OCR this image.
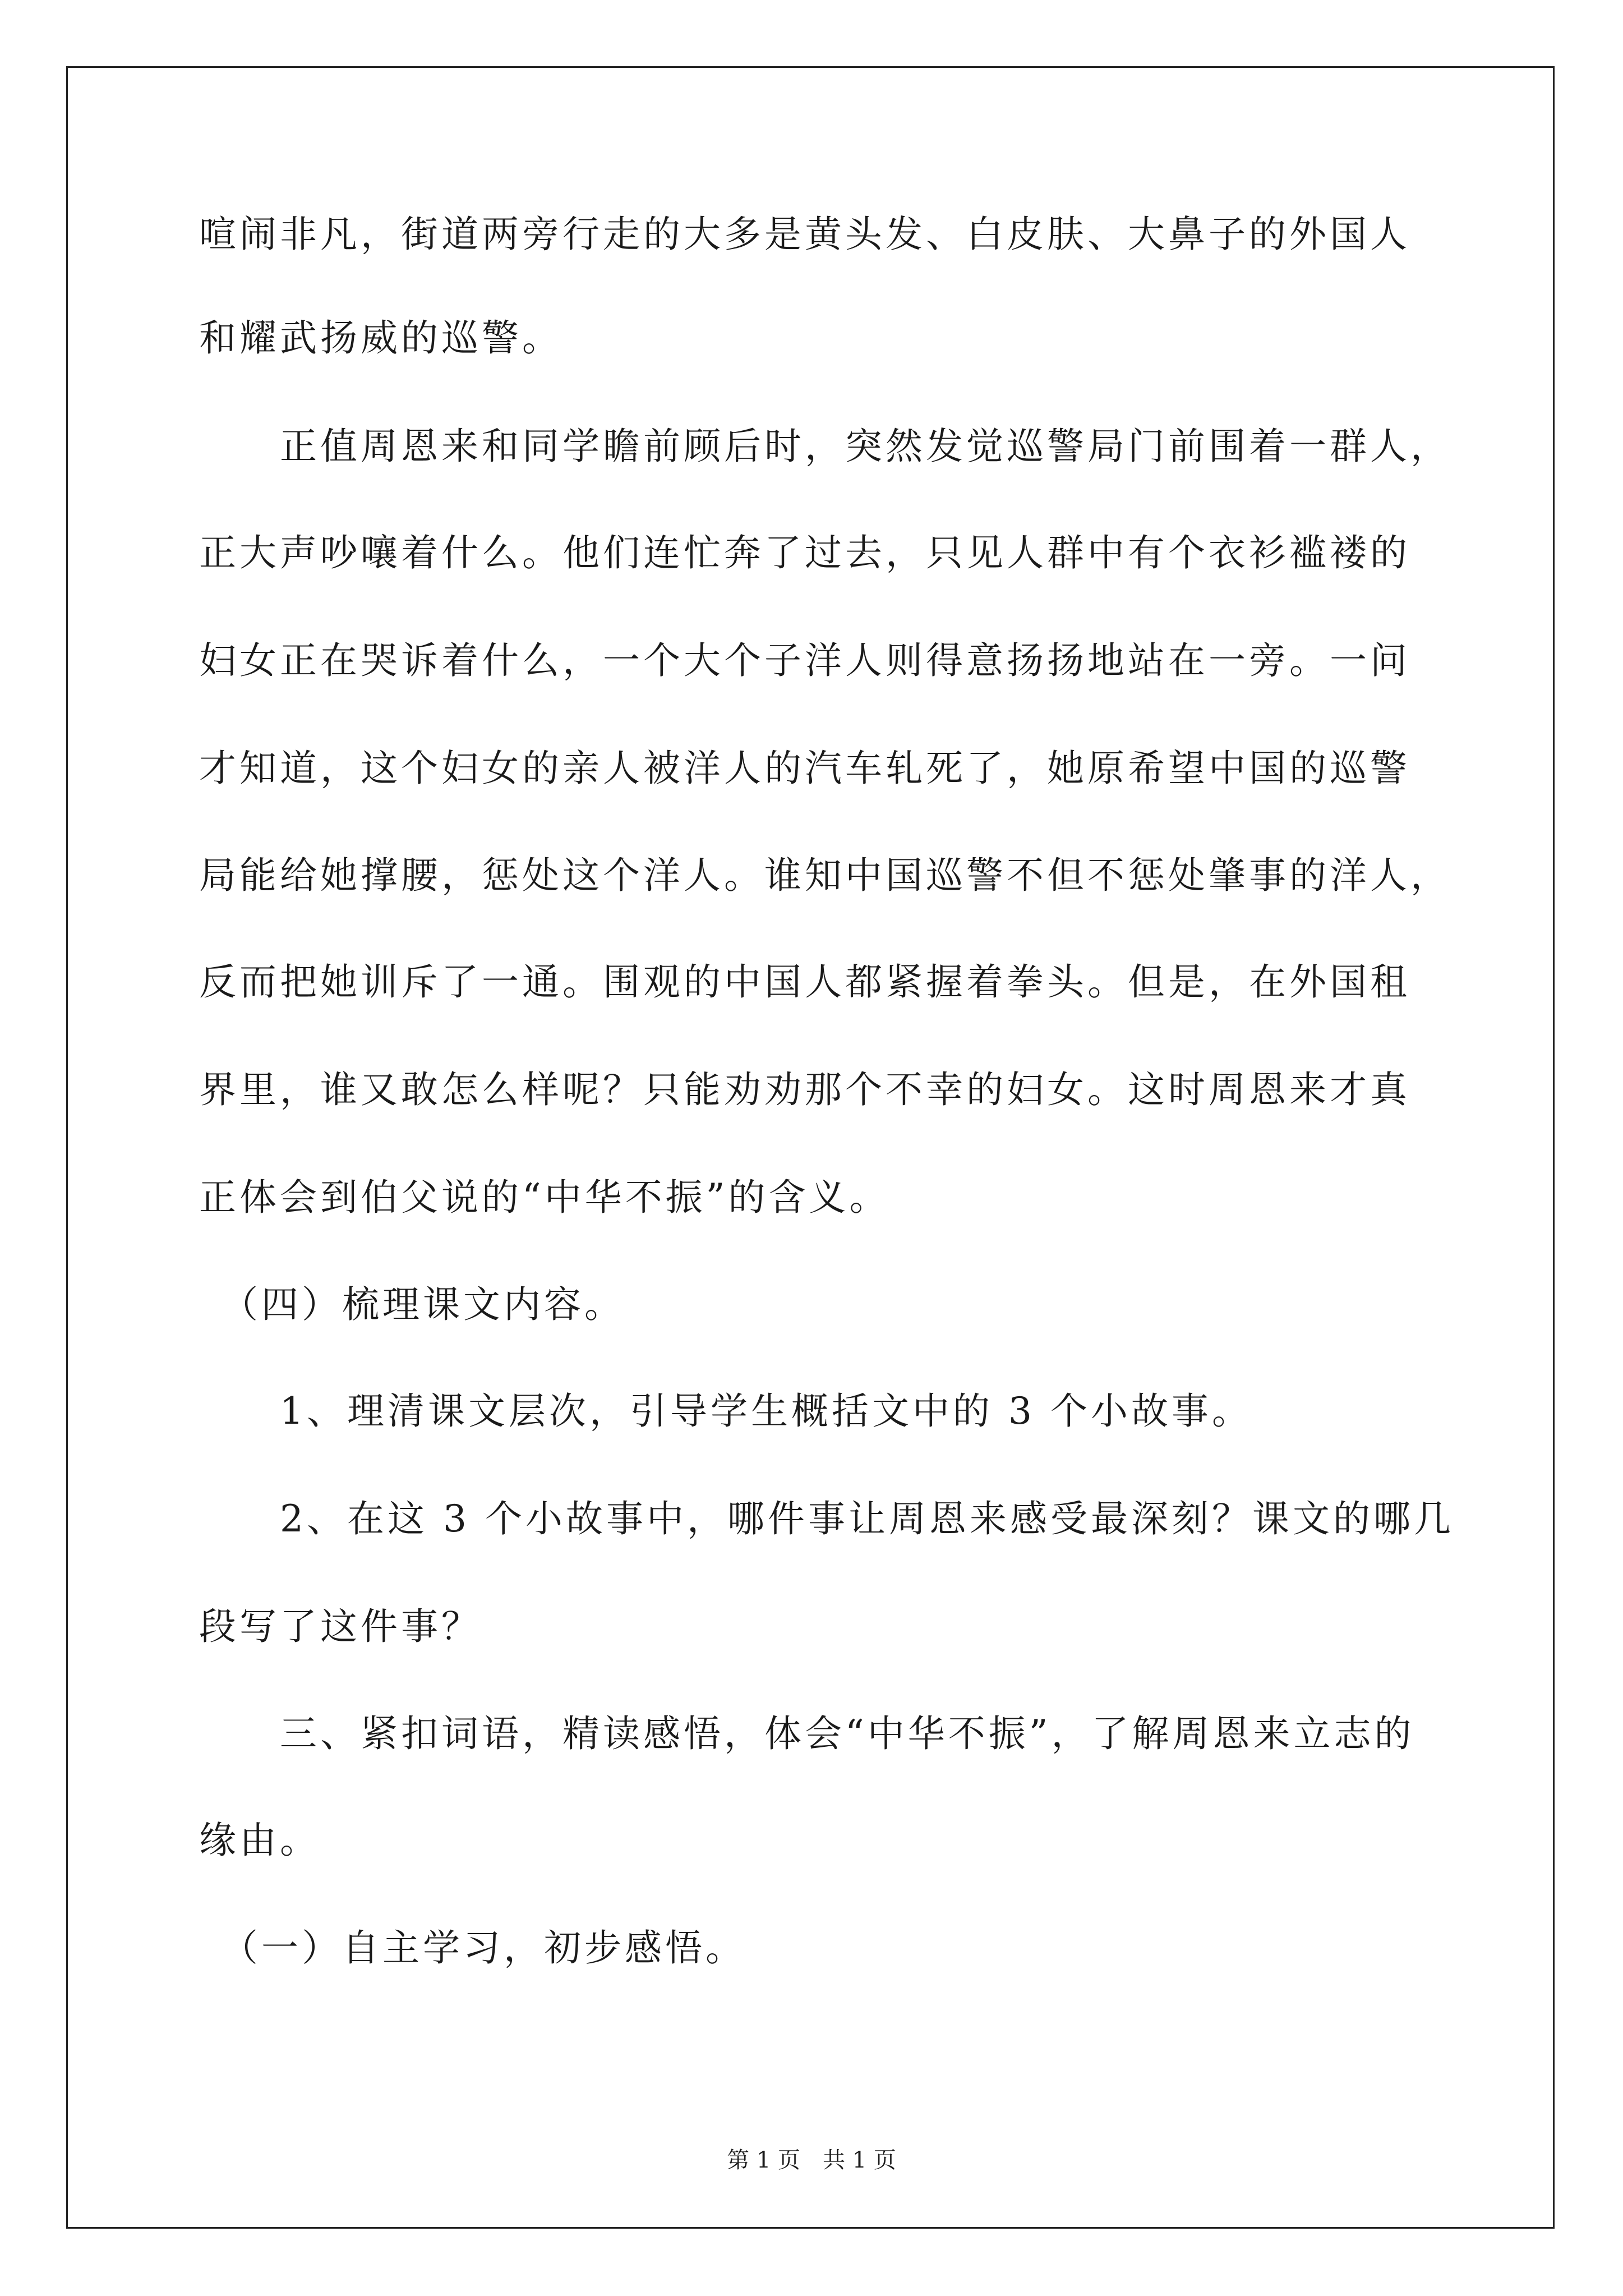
喧闹非凡，街道两旁行走的大多是黄头发、白皮肤、大鼻子的外国人
和耀武扬威的巡警。
　　正值周恩来和同学瞻前顾后时，突然发觉巡警局门前围着一群人，
正大声吵嚷着什么。他们连忙奔了过去，只见人群中有个衣衫褴褛的
妇女正在哭诉着什么，一个大个子洋人则得意扬扬地站在一旁。一问
才知道，这个妇女的亲人被洋人的汽车轧死了，她原希望中国的巡警
局能给她撑腰，惩处这个洋人。谁知中国巡警不但不惩处肇事的洋人，
反而把她训斥了一通。围观的中国人都紧握着拳头。但是，在外国租
界里，谁又敢怎么样呢？只能劝劝那个不幸的妇女。这时周恩来才真
正体会到伯父说的“中华不振”的含义。
　（四）梳理课文内容。
　　1、理清课文层次，引导学生概括文中的 3 个小故事。
　　2、在这 3 个小故事中，哪件事让周恩来感受最深刻？课文的哪几
段写了这件事？
　　三、紧扣词语，精读感悟，体会“中华不振”，了解周恩来立志的
缘由。
　（一）自主学习，初步感悟。
第 1 页　共 1 页
